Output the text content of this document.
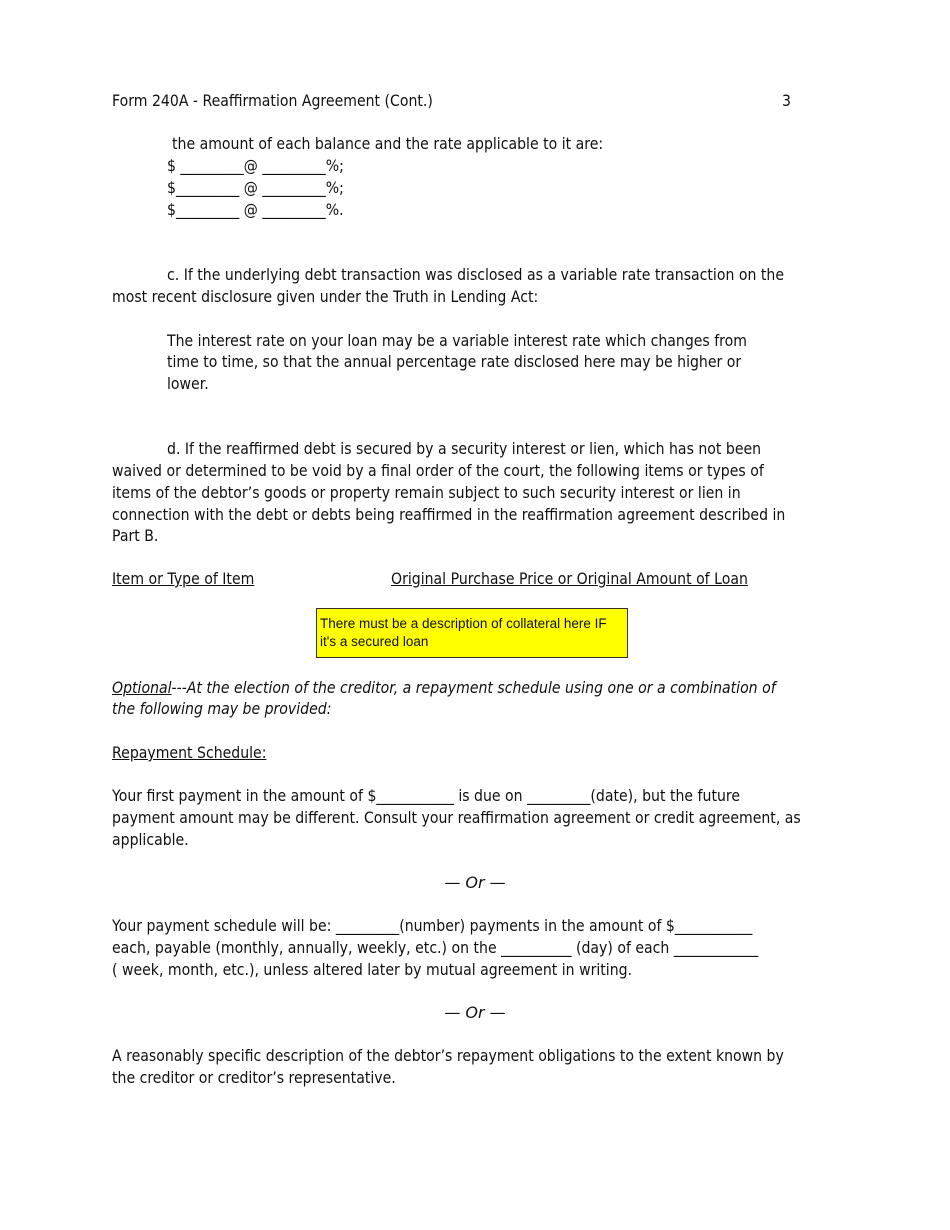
Form 240A - Reaffirmation Agreement (Cont.)	3
the amount of each balance and the rate applicable to it are:
$ _________@ _________%;
$_________ @ _________%;
$_________ @ _________%.
c. If the underlying debt transaction was disclosed as a variable rate transaction on the
most recent disclosure given under the Truth in Lending Act:
The interest rate on your loan may be a variable interest rate which changes from
time to time, so that the annual percentage rate disclosed here may be higher or
lower.
d. If the reaffirmed debt is secured by a security interest or lien, which has not been
waived or determined to be void by a final order of the court, the following items or types of
items of the debtor’s goods or property remain subject to such security interest or lien in
connection with the debt or debts being reaffirmed in the reaffirmation agreement described in
Part B.
Item or Type of Item	Original Purchase Price or Original Amount of Loan
There must be a description of collateral here IF it's a secured loan
Optional---At the election of the creditor, a repayment schedule using one or a combination of
the following may be provided:
Repayment Schedule:
Your first payment in the amount of $___________ is due on _________(date), but the future
payment amount may be different. Consult your reaffirmation agreement or credit agreement, as
applicable.
— Or —
Your payment schedule will be: _________(number) payments in the amount of $___________
each, payable (monthly, annually, weekly, etc.) on the __________ (day) of each ____________
( week, month, etc.), unless altered later by mutual agreement in writing.
— Or —
A reasonably specific description of the debtor’s repayment obligations to the extent known by
the creditor or creditor’s representative.
